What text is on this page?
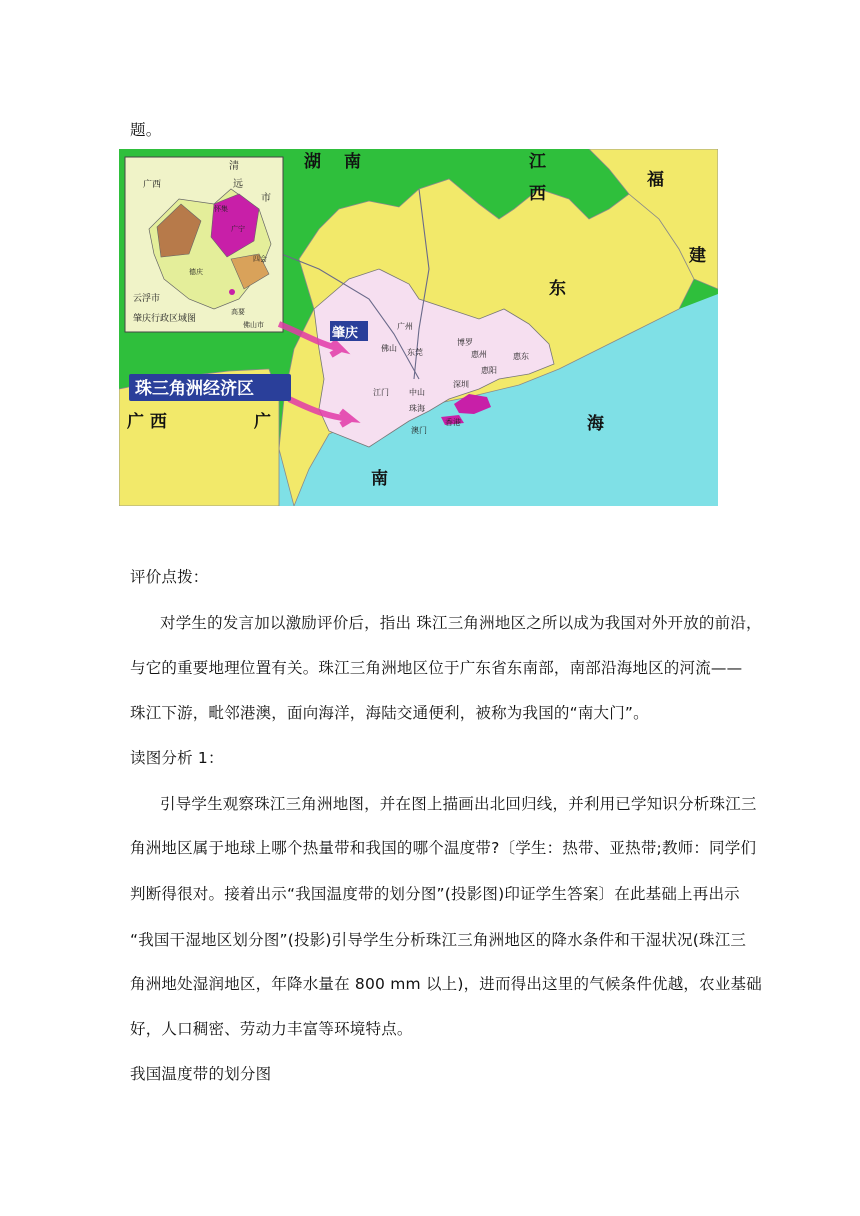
题。
湖 南	江
西
福
建
东
广
广 西
南
海
珠三角洲经济区
肇庆	广州
佛山 东莞
博罗
惠州	惠东
惠阳
江门	中山
深圳
珠海
澳门
香港
广西
清
远
市
怀集
广宁
四会
德庆
云浮市
高要
佛山市
肇庆行政区域图
评价点拨：
对学生的发言加以激励评价后，指出 珠江三角洲地区之所以成为我国对外开放的前沿，
与它的重要地理位置有关。珠江三角洲地区位于广东省东南部，南部沿海地区的河流——
珠江下游，毗邻港澳，面向海洋，海陆交通便利，被称为我国的“南大门”。
读图分析 1：
引导学生观察珠江三角洲地图，并在图上描画出北回归线，并利用已学知识分析珠江三
角洲地区属于地球上哪个热量带和我国的哪个温度带?〔学生：热带、亚热带;教师：同学们
判断得很对。接着出示“我国温度带的划分图”(投影图)印证学生答案〕在此基础上再出示
“我国干湿地区划分图”(投影)引导学生分析珠江三角洲地区的降水条件和干湿状况(珠江三
角洲地处湿润地区，年降水量在 800 mm 以上)，进而得出这里的气候条件优越，农业基础
好，人口稠密、劳动力丰富等环境特点。
我国温度带的划分图
